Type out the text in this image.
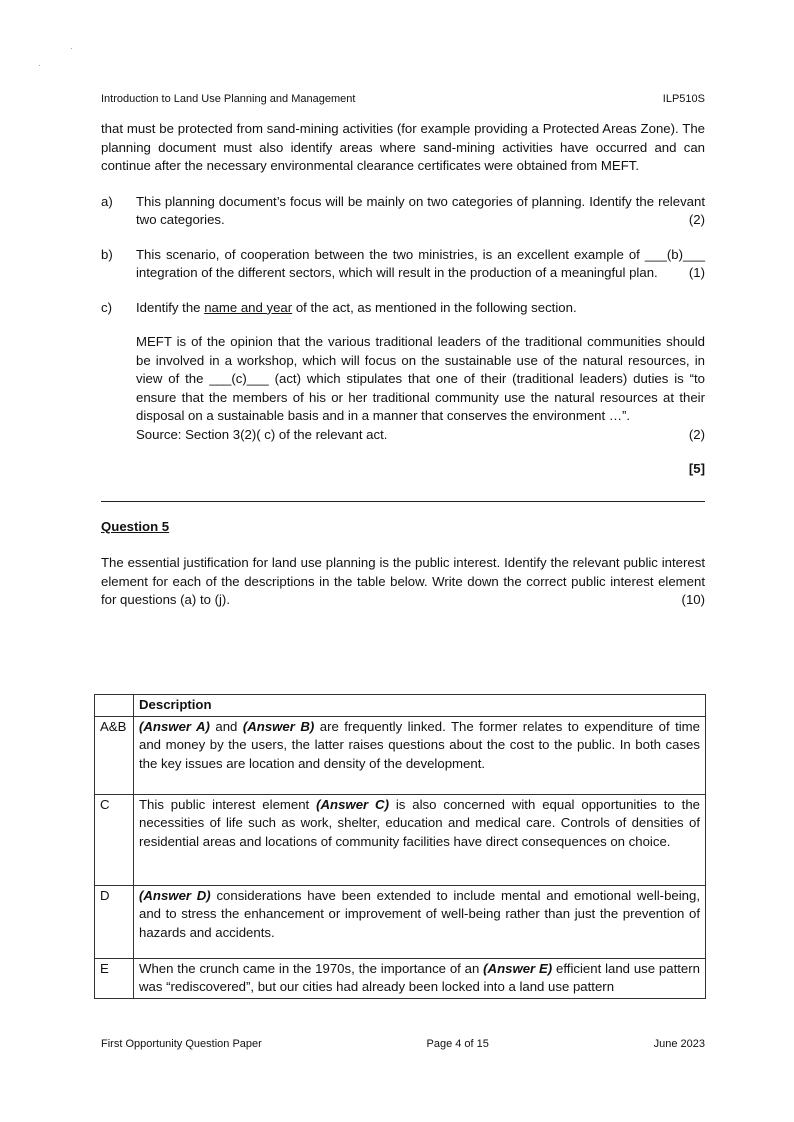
·
·
Introduction to Land Use Planning and Management	ILP510S

that must be protected from sand-mining activities (for example providing a Protected Areas Zone). The planning document must also identify areas where sand-mining activities have occurred and can continue after the necessary environmental clearance certificates were obtained from MEFT.

a) This planning document’s focus will be mainly on two categories of planning. Identify the relevant two categories.	(2)

b) This scenario, of cooperation between the two ministries, is an excellent example of ___(b)___ integration of the different sectors, which will result in the production of a meaningful plan. (1)

c) Identify the name and year of the act, as mentioned in the following section.

MEFT is of the opinion that the various traditional leaders of the traditional communities should be involved in a workshop, which will focus on the sustainable use of the natural resources, in view of the ___(c)___ (act) which stipulates that one of their (traditional leaders) duties is “to ensure that the members of his or her traditional community use the natural resources at their disposal on a sustainable basis and in a manner that conserves the environment …”.

Source: Section 3(2)( c) of the relevant act.	(2)

[5]

Question 5

The essential justification for land use planning is the public interest. Identify the relevant public interest element for each of the descriptions in the table below. Write down the correct public interest element for questions (a) to (j).	(10)

	Description
A&B	(Answer A) and (Answer B) are frequently linked. The former relates to expenditure of time and money by the users, the latter raises questions about the cost to the public. In both cases the key issues are location and density of the development.
C	This public interest element (Answer C) is also concerned with equal opportunities to the necessities of life such as work, shelter, education and medical care. Controls of densities of residential areas and locations of community facilities have direct consequences on choice.
D	(Answer D) considerations have been extended to include mental and emotional well-being, and to stress the enhancement or improvement of well-being rather than just the prevention of hazards and accidents.
E	When the crunch came in the 1970s, the importance of an (Answer E) efficient land use pattern was “rediscovered”, but our cities had already been locked into a land use pattern
First Opportunity Question Paper	Page 4 of 15	June 2023
